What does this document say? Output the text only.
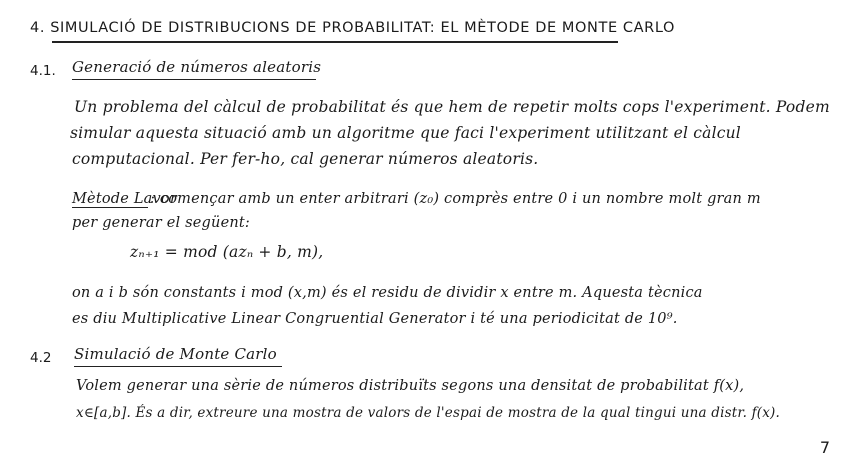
4. SIMULACIÓ DE DISTRIBUCIONS DE PROBABILITAT: EL MÈTODE DE MONTE CARLO
4.1. Generació de números aleatoris
Un problema del càlcul de probabilitat és que hem de repetir molts cops l'experiment. Podem
simular aquesta situació amb un algoritme que faci l'experiment utilitzant el càlcul
computacional. Per fer-ho, cal generar números aleatoris.
Mètode Lavor
: començar amb un enter arbitrari (z₀) comprès entre 0 i un nombre molt gran m
per generar el següent:
zₙ₊₁ = mod (azₙ + b, m),
on a i b són constants i mod (x,m) és el residu de dividir x entre m. Aquesta tècnica
es diu Multiplicative Linear Congruential Generator i té una periodicitat de 10⁹.
4.2 Simulació de Monte Carlo
Volem generar una sèrie de números distribuïts segons una densitat de probabilitat f(x),
x∈[a,b]. És a dir, extreure una mostra de valors de l'espai de mostra de la qual tingui una distr. f(x).
7
